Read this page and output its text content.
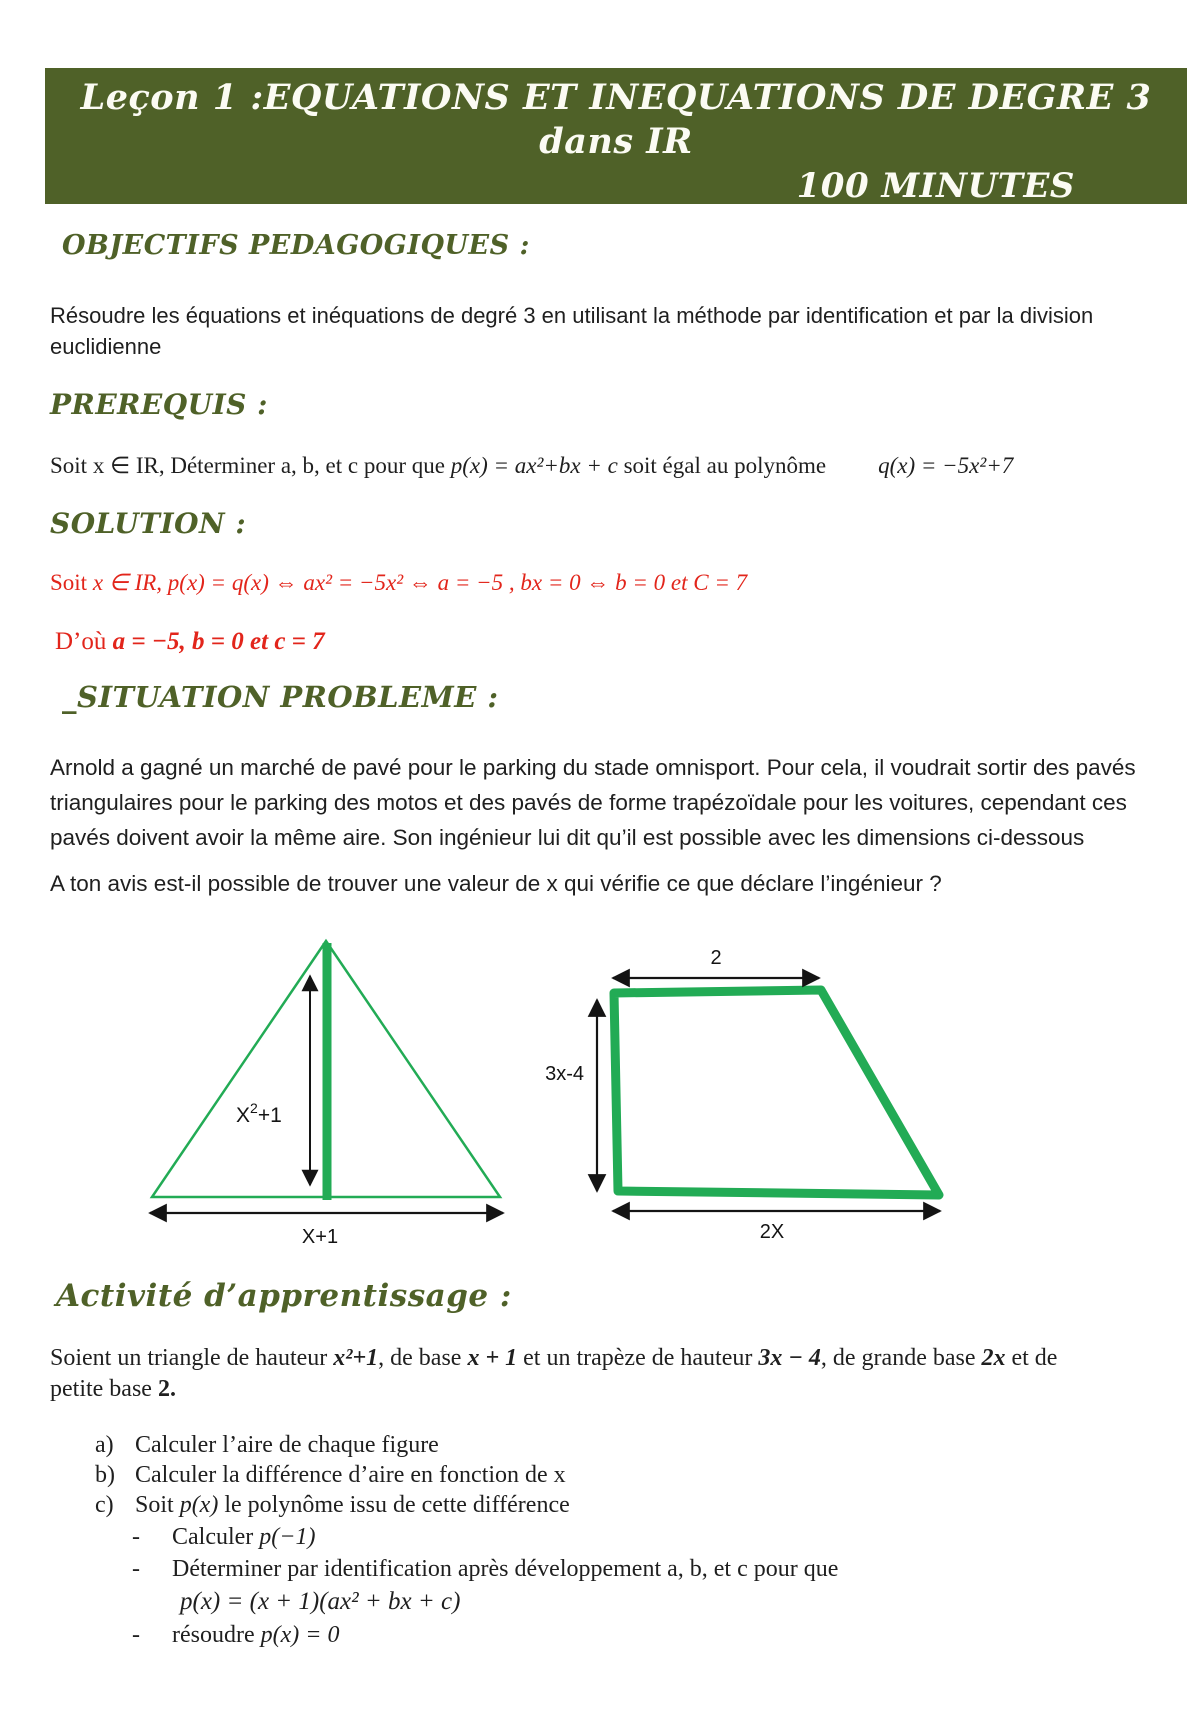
Leçon 1 :EQUATIONS ET INEQUATIONS DE DEGRE 3 dans IR
100 MINUTES
OBJECTIFS PEDAGOGIQUES :
Résoudre les équations et inéquations de degré 3 en utilisant la méthode par identification et par la division
euclidienne
PREREQUIS :
Soit x ∈ IR, Déterminer a, b, et c pour que p(x) = ax²+bx + c soit égal au polynôme q(x) = −5x²+7
SOLUTION :
Soit x ∈ IR, p(x) = q(x) ⇔ ax² = −5x² ⇔ a = −5 , bx = 0 ⇔ b = 0 et C = 7
D’où a = −5, b = 0 et c = 7
_SITUATION PROBLEME :
Arnold a gagné un marché de pavé pour le parking du stade omnisport. Pour cela, il voudrait sortir des pavés
triangulaires pour le parking des motos et des pavés de forme trapézoïdale pour les voitures, cependant ces
pavés doivent avoir la même aire. Son ingénieur lui dit qu’il est possible avec les dimensions ci-dessous
A ton avis est-il possible de trouver une valeur de x qui vérifie ce que déclare l’ingénieur ?
$X^2+1$
X+1
2
3x-4
2X
Activité d’apprentissage :
Soient un triangle de hauteur x²+1, de base x + 1 et un trapèze de hauteur 3x − 4, de grande base 2x et de
petite base 2.
a) Calculer l’aire de chaque figure
b) Calculer la différence d’aire en fonction de x
c) Soit p(x) le polynôme issu de cette différence
- Calculer p(−1)
- Déterminer par identification après développement a, b, et c pour que
p(x) = (x + 1)(ax² + bx + c)
- résoudre p(x) = 0
